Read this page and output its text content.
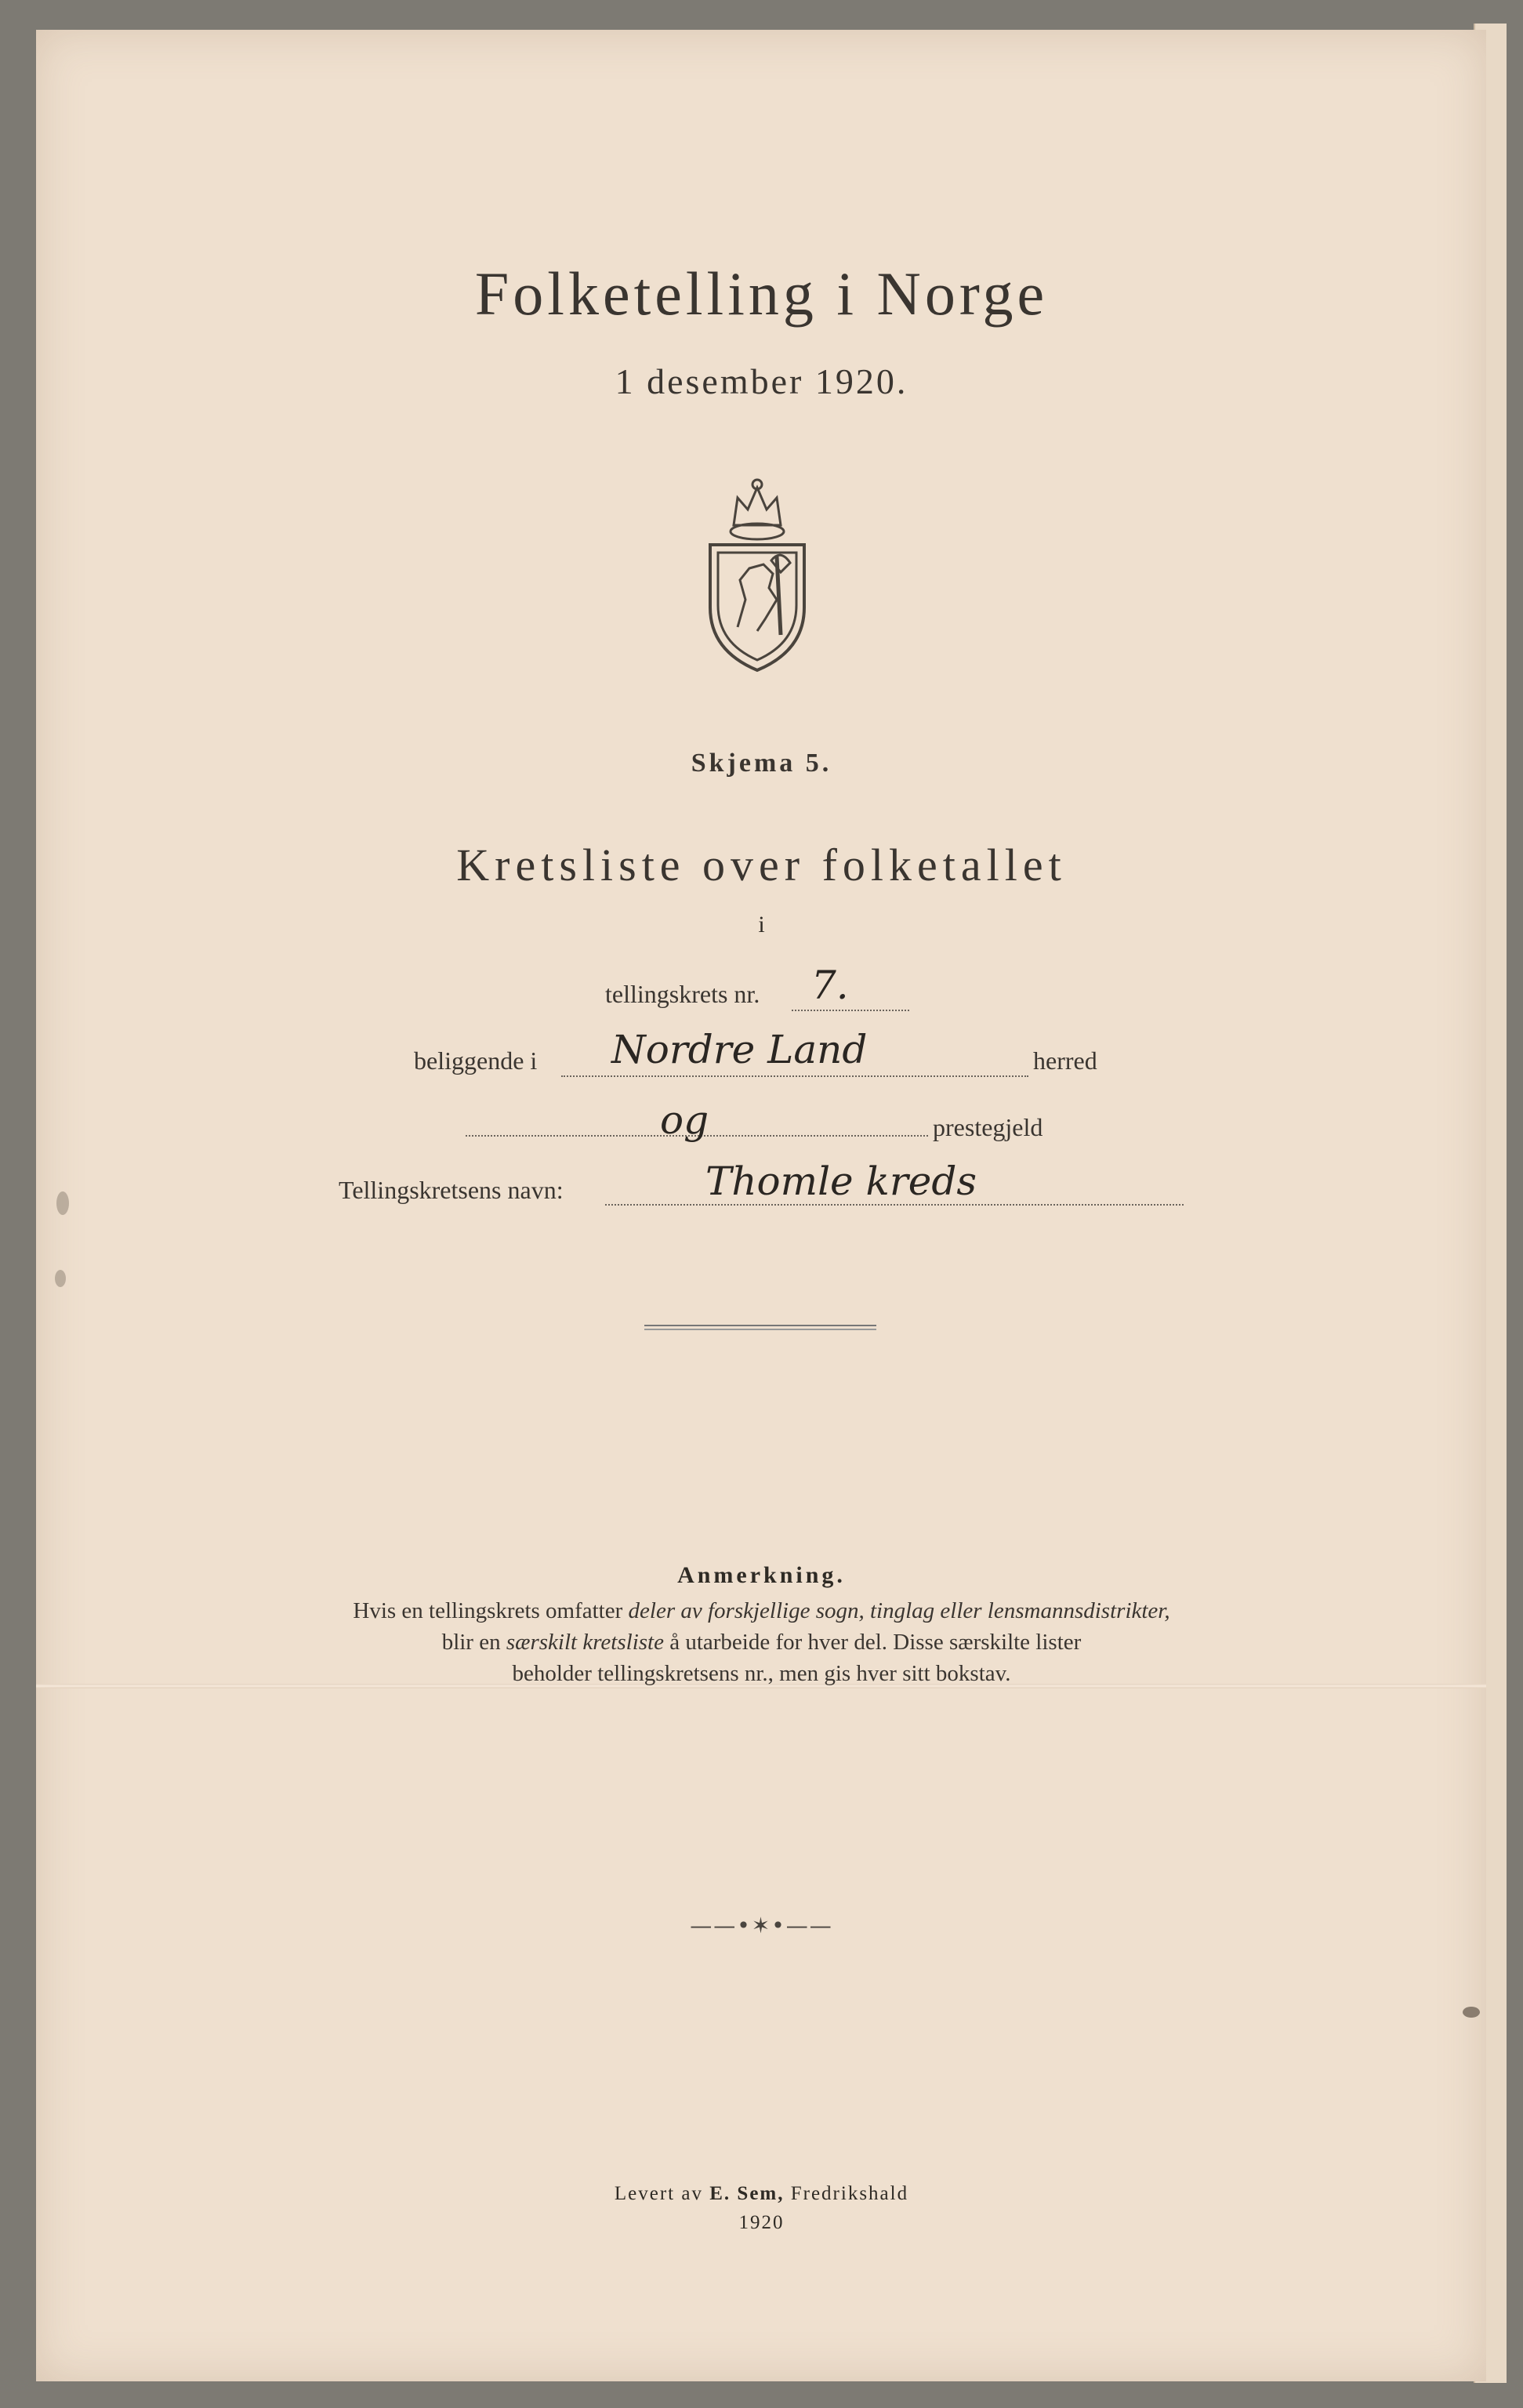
Folketelling i Norge
1 desember 1920.
Skjema 5.
Kretsliste over folketallet
i
tellingskrets nr. 7.
beliggende i Nordre Land	herred
og	prestegjeld
Tellingskretsens navn:	Thomle kreds
Anmerkning.
Hvis en tellingskrets omfatter deler av forskjellige sogn, tinglag eller lensmannsdistrikter,
blir en særskilt kretsliste å utarbeide for hver del. Disse særskilte lister
beholder tellingskretsens nr., men gis hver sitt bokstav.
——•✶•——
Levert av E. Sem, Fredrikshald
1920
